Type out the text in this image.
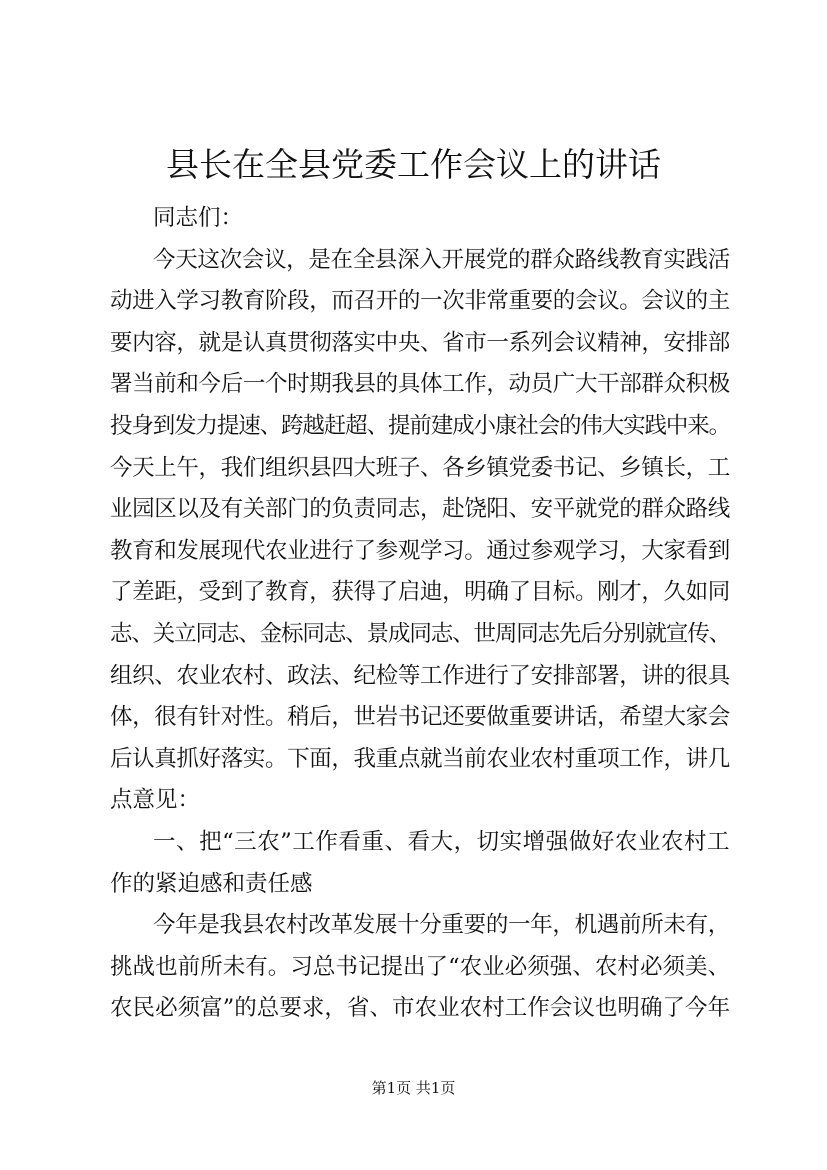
县长在全县党委工作会议上的讲话
同志们：
今天这次会议，是在全县深入开展党的群众路线教育实践活
动进入学习教育阶段，而召开的一次非常重要的会议。会议的主
要内容，就是认真贯彻落实中央、省市一系列会议精神，安排部
署当前和今后一个时期我县的具体工作，动员广大干部群众积极
投身到发力提速、跨越赶超、提前建成小康社会的伟大实践中来。
今天上午，我们组织县四大班子、各乡镇党委书记、乡镇长，工
业园区以及有关部门的负责同志，赴饶阳、安平就党的群众路线
教育和发展现代农业进行了参观学习。通过参观学习，大家看到
了差距，受到了教育，获得了启迪，明确了目标。刚才，久如同
志、关立同志、金标同志、景成同志、世周同志先后分别就宣传、
组织、农业农村、政法、纪检等工作进行了安排部署，讲的很具
体，很有针对性。稍后，世岩书记还要做重要讲话，希望大家会
后认真抓好落实。下面，我重点就当前农业农村重项工作，讲几
点意见：
一、把“三农”工作看重、看大，切实增强做好农业农村工
作的紧迫感和责任感
今年是我县农村改革发展十分重要的一年，机遇前所未有，
挑战也前所未有。习总书记提出了“农业必须强、农村必须美、
农民必须富”的总要求，省、市农业农村工作会议也明确了今年
第1页 共1页
